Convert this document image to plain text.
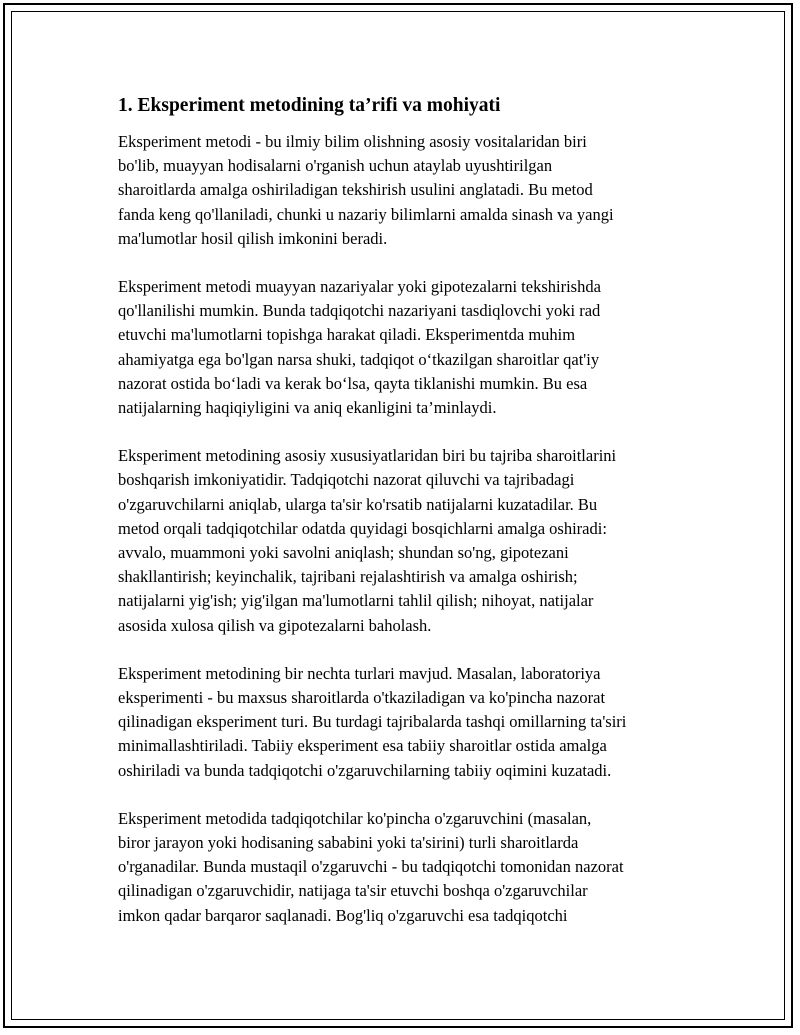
1. Eksperiment metodining ta’rifi va mohiyati

Eksperiment metodi - bu ilmiy bilim olishning asosiy vositalaridan biri
bo'lib, muayyan hodisalarni o'rganish uchun ataylab uyushtirilgan
sharoitlarda amalga oshiriladigan tekshirish usulini anglatadi. Bu metod
fanda keng qo'llaniladi, chunki u nazariy bilimlarni amalda sinash va yangi
ma'lumotlar hosil qilish imkonini beradi.

Eksperiment metodi muayyan nazariyalar yoki gipotezalarni tekshirishda
qo'llanilishi mumkin. Bunda tadqiqotchi nazariyani tasdiqlovchi yoki rad
etuvchi ma'lumotlarni topishga harakat qiladi. Eksperimentda muhim
ahamiyatga ega bo'lgan narsa shuki, tadqiqot o‘tkazilgan sharoitlar qat'iy
nazorat ostida bo‘ladi va kerak bo‘lsa, qayta tiklanishi mumkin. Bu esa
natijalarning haqiqiyligini va aniq ekanligini ta’minlaydi.

Eksperiment metodining asosiy xususiyatlaridan biri bu tajriba sharoitlarini
boshqarish imkoniyatidir. Tadqiqotchi nazorat qiluvchi va tajribadagi
o'zgaruvchilarni aniqlab, ularga ta'sir ko'rsatib natijalarni kuzatadilar. Bu
metod orqali tadqiqotchilar odatda quyidagi bosqichlarni amalga oshiradi:
avvalo, muammoni yoki savolni aniqlash; shundan so'ng, gipotezani
shakllantirish; keyinchalik, tajribani rejalashtirish va amalga oshirish;
natijalarni yig'ish; yig'ilgan ma'lumotlarni tahlil qilish; nihoyat, natijalar
asosida xulosa qilish va gipotezalarni baholash.

Eksperiment metodining bir nechta turlari mavjud. Masalan, laboratoriya
eksperimenti - bu maxsus sharoitlarda o'tkaziladigan va ko'pincha nazorat
qilinadigan eksperiment turi. Bu turdagi tajribalarda tashqi omillarning ta'siri
minimallashtiriladi. Tabiiy eksperiment esa tabiiy sharoitlar ostida amalga
oshiriladi va bunda tadqiqotchi o'zgaruvchilarning tabiiy oqimini kuzatadi.

Eksperiment metodida tadqiqotchilar ko'pincha o'zgaruvchini (masalan,
biror jarayon yoki hodisaning sababini yoki ta'sirini) turli sharoitlarda
o'rganadilar. Bunda mustaqil o'zgaruvchi - bu tadqiqotchi tomonidan nazorat
qilinadigan o'zgaruvchidir, natijaga ta'sir etuvchi boshqa o'zgaruvchilar
imkon qadar barqaror saqlanadi. Bog'liq o'zgaruvchi esa tadqiqotchi
